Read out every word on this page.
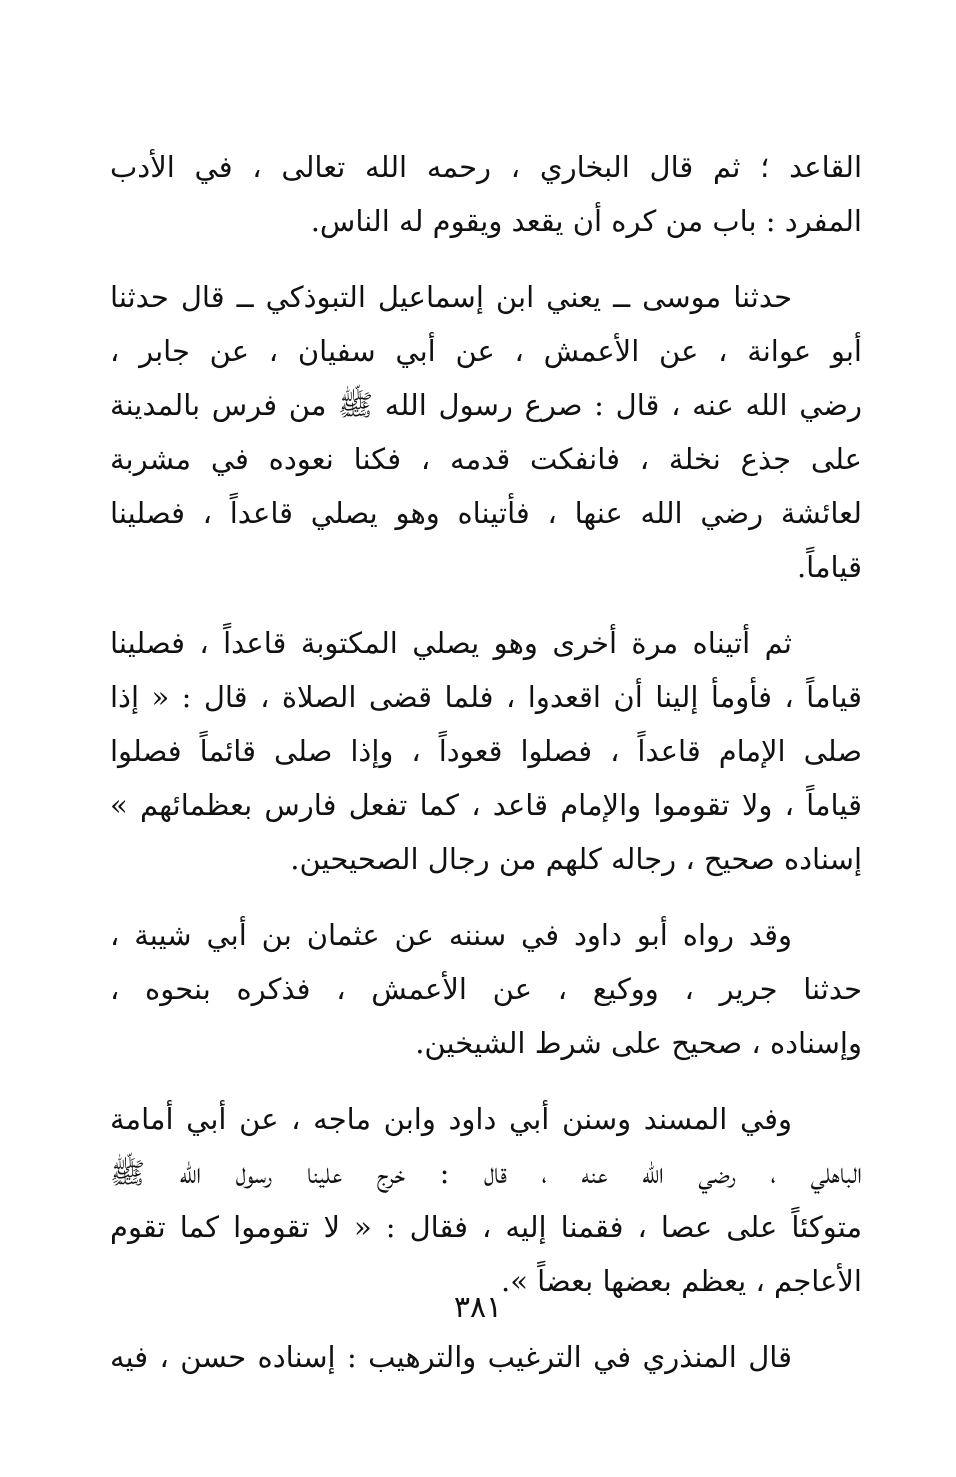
القاعد ؛ ثم قال البخاري ، رحمه الله تعالى ، في الأدب
المفرد : باب من كره أن يقعد ويقوم له الناس.
حدثنا موسى ــ يعني ابن إسماعيل التبوذكي ــ قال حدثنا
أبو عوانة ، عن الأعمش ، عن أبي سفيان ، عن جابر ،
رضي الله عنه ، قال : صرع رسول الله ﷺ من فرس بالمدينة
على جذع نخلة ، فانفكت قدمه ، فكنا نعوده في مشربة
لعائشة رضي الله عنها ، فأتيناه وهو يصلي قاعداً ، فصلينا
قياماً.
ثم أتيناه مرة أخرى وهو يصلي المكتوبة قاعداً ، فصلينا
قياماً ، فأومأ إلينا أن اقعدوا ، فلما قضى الصلاة ، قال : « إذا
صلى الإمام قاعداً ، فصلوا قعوداً ، وإذا صلى قائماً فصلوا
قياماً ، ولا تقوموا والإمام قاعد ، كما تفعل فارس بعظمائهم »
إسناده صحيح ، رجاله كلهم من رجال الصحيحين.
وقد رواه أبو داود في سننه عن عثمان بن أبي شيبة ،
حدثنا جرير ، ووكيع ، عن الأعمش ، فذكره بنحوه ،
وإسناده ، صحيح على شرط الشيخين.
وفي المسند وسنن أبي داود وابن ماجه ، عن أبي أمامة
الباهلي ، رضي الله عنه ، قال : خرج علينا رسول الله ﷺ
متوكئاً على عصا ، فقمنا إليه ، فقال : « لا تقوموا كما تقوم
الأعاجم ، يعظم بعضها بعضاً ».
قال المنذري في الترغيب والترهيب : إسناده حسن ، فيه
٣٨١
